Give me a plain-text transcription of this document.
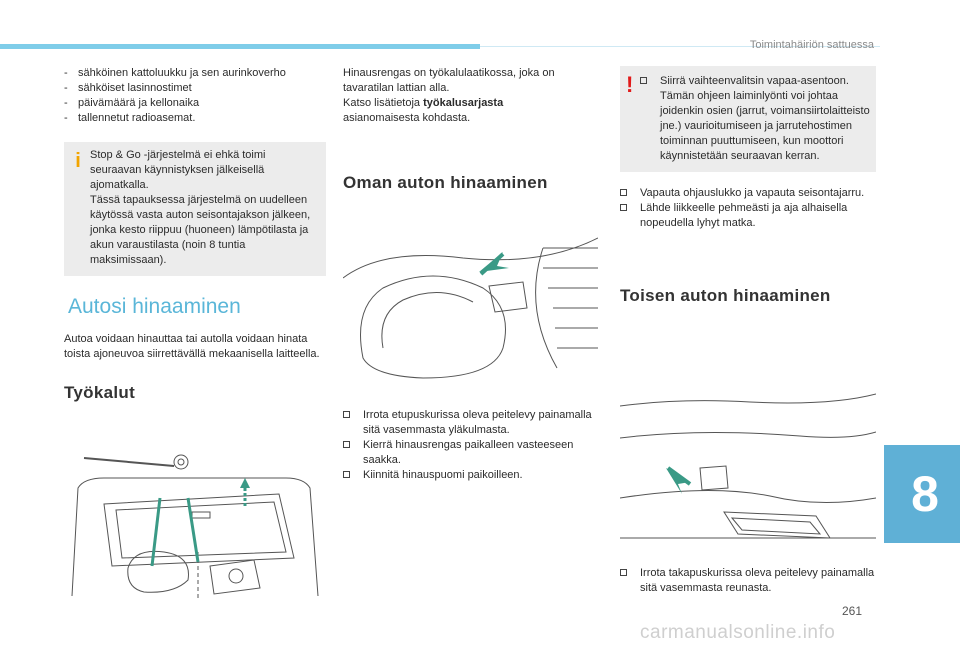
Toimintahäiriön sattuessa
- sähköinen kattoluukku ja sen aurinkoverho
- sähköiset lasinnostimet
- päivämäärä ja kellonaika
- tallennetut radioasemat.
i Stop & Go -järjestelmä ei ehkä toimi seuraavan käynnistyksen jälkeisellä ajomatkalla.

Tässä tapauksessa järjestelmä on uudelleen käytössä vasta auton seisontajakson jälkeen, jonka kesto riippuu (huoneen) lämpötilasta ja akun varaustilasta (noin 8 tuntia maksimissaan).

Autosi hinaaminen

Autoa voidaan hinauttaa tai autolla voidaan hinata toista ajoneuvoa siirrettävällä mekaanisella laitteella.

Työkalut

Hinausrengas on työkalulaatikossa, joka on tavaratilan lattian alla.

Katso lisätietoja työkalusarjasta

asianomaisesta kohdasta.

Oman auton hinaaminen
Irrota etupuskurissa oleva peitelevy painamalla sitä vasemmasta yläkulmasta.
Kierrä hinausrengas paikalleen vasteeseen saakka.
Kiinnitä hinauspuomi paikoilleen.
!	Siirrä vaihteenvalitsin vapaa-asentoon. Tämän ohjeen laiminlyönti voi johtaa joidenkin osien (jarrut, voimansiirtolaitteisto jne.) vaurioitumiseen ja jarrutehostimen toiminnan puuttumiseen, kun moottori käynnistetään seuraavan kerran.
Vapauta ohjauslukko ja vapauta seisontajarru.
Lähde liikkeelle pehmeästi ja aja alhaisella nopeudella lyhyt matka.
Toisen auton hinaaminen
Irrota takapuskurissa oleva peitelevy painamalla sitä vasemmasta reunasta.
8
261
carmanualsonline.info
